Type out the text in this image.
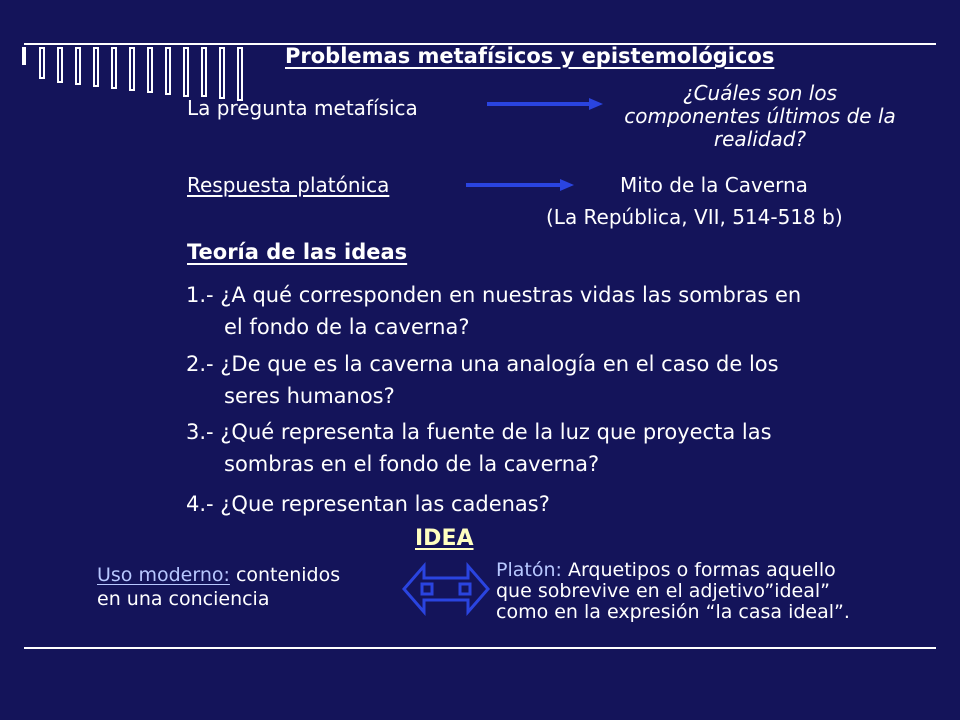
Problemas metafísicos y epistemológicos
La pregunta metafísica
¿Cuáles son los
componentes últimos de la
realidad?
Respuesta platónica	Mito de la Caverna
(La República, VII, 514-518 b)
Teoría de las ideas
1.- ¿A qué corresponden en nuestras vidas las sombras en
el fondo de la caverna?
2.- ¿De que es la caverna una analogía en el caso de los
seres humanos?
3.- ¿Qué representa la fuente de la luz que proyecta las
sombras en el fondo de la caverna?
4.- ¿Que representan las cadenas?
IDEA
Uso moderno: contenidos
en una conciencia
Platón: Arquetipos o formas aquello
que sobrevive en el adjetivo”ideal”
como en la expresión “la casa ideal”.
